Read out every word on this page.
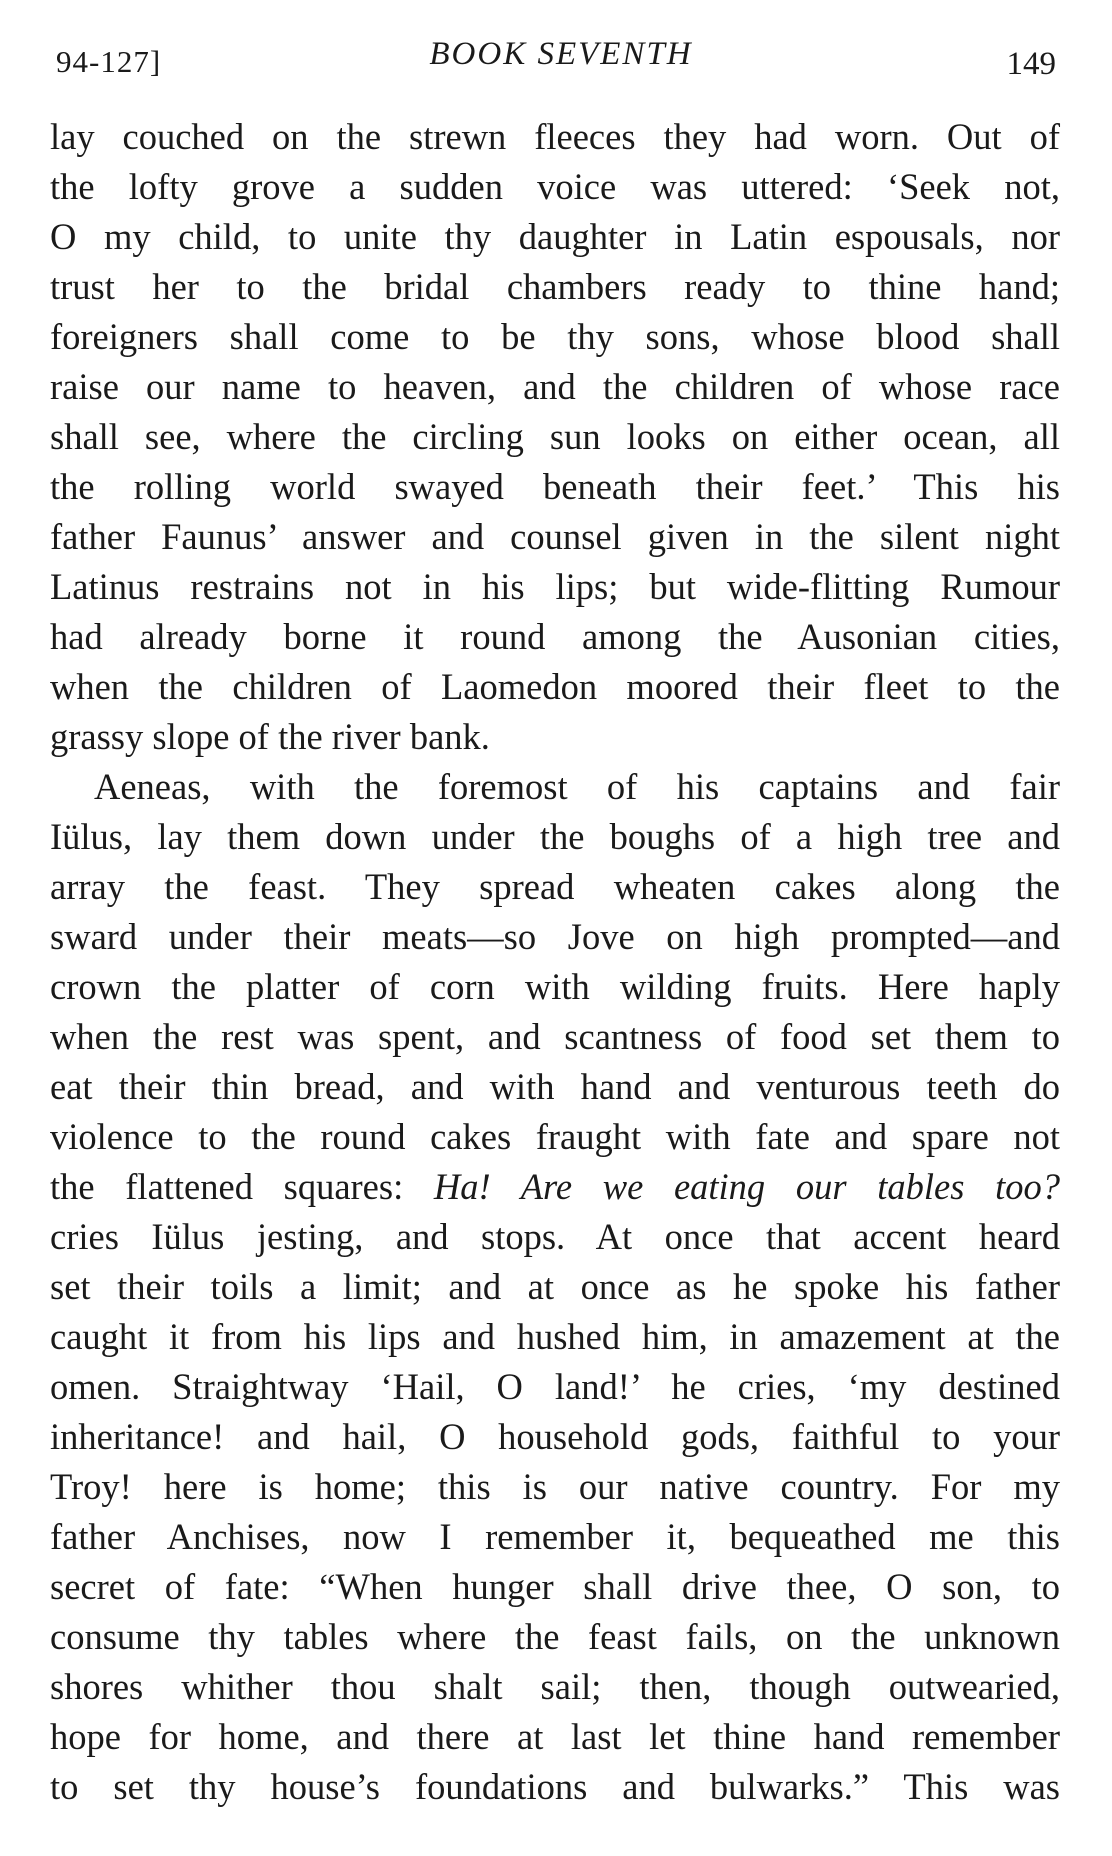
94-127]	BOOK SEVENTH	149
lay couched on the strewn fleeces they had worn. Out of
the lofty grove a sudden voice was uttered: ‘Seek not,
O my child, to unite thy daughter in Latin espousals, nor
trust her to the bridal chambers ready to thine hand;
foreigners shall come to be thy sons, whose blood shall
raise our name to heaven, and the children of whose race
shall see, where the circling sun looks on either ocean, all
the rolling world swayed beneath their feet.’ This his
father Faunus’ answer and counsel given in the silent night
Latinus restrains not in his lips; but wide-flitting Rumour
had already borne it round among the Ausonian cities,
when the children of Laomedon moored their fleet to the
grassy slope of the river bank.
Aeneas, with the foremost of his captains and fair
Iülus, lay them down under the boughs of a high tree and
array the feast. They spread wheaten cakes along the
sward under their meats—so Jove on high prompted—and
crown the platter of corn with wilding fruits. Here haply
when the rest was spent, and scantness of food set them to
eat their thin bread, and with hand and venturous teeth do
violence to the round cakes fraught with fate and spare not
the flattened squares: Ha! Are we eating our tables too?
cries Iülus jesting, and stops. At once that accent heard
set their toils a limit; and at once as he spoke his father
caught it from his lips and hushed him, in amazement at the
omen. Straightway ‘Hail, O land!’ he cries, ‘my destined
inheritance! and hail, O household gods, faithful to your
Troy! here is home; this is our native country. For my
father Anchises, now I remember it, bequeathed me this
secret of fate: “When hunger shall drive thee, O son, to
consume thy tables where the feast fails, on the unknown
shores whither thou shalt sail; then, though outwearied,
hope for home, and there at last let thine hand remember
to set thy house’s foundations and bulwarks.” This was
